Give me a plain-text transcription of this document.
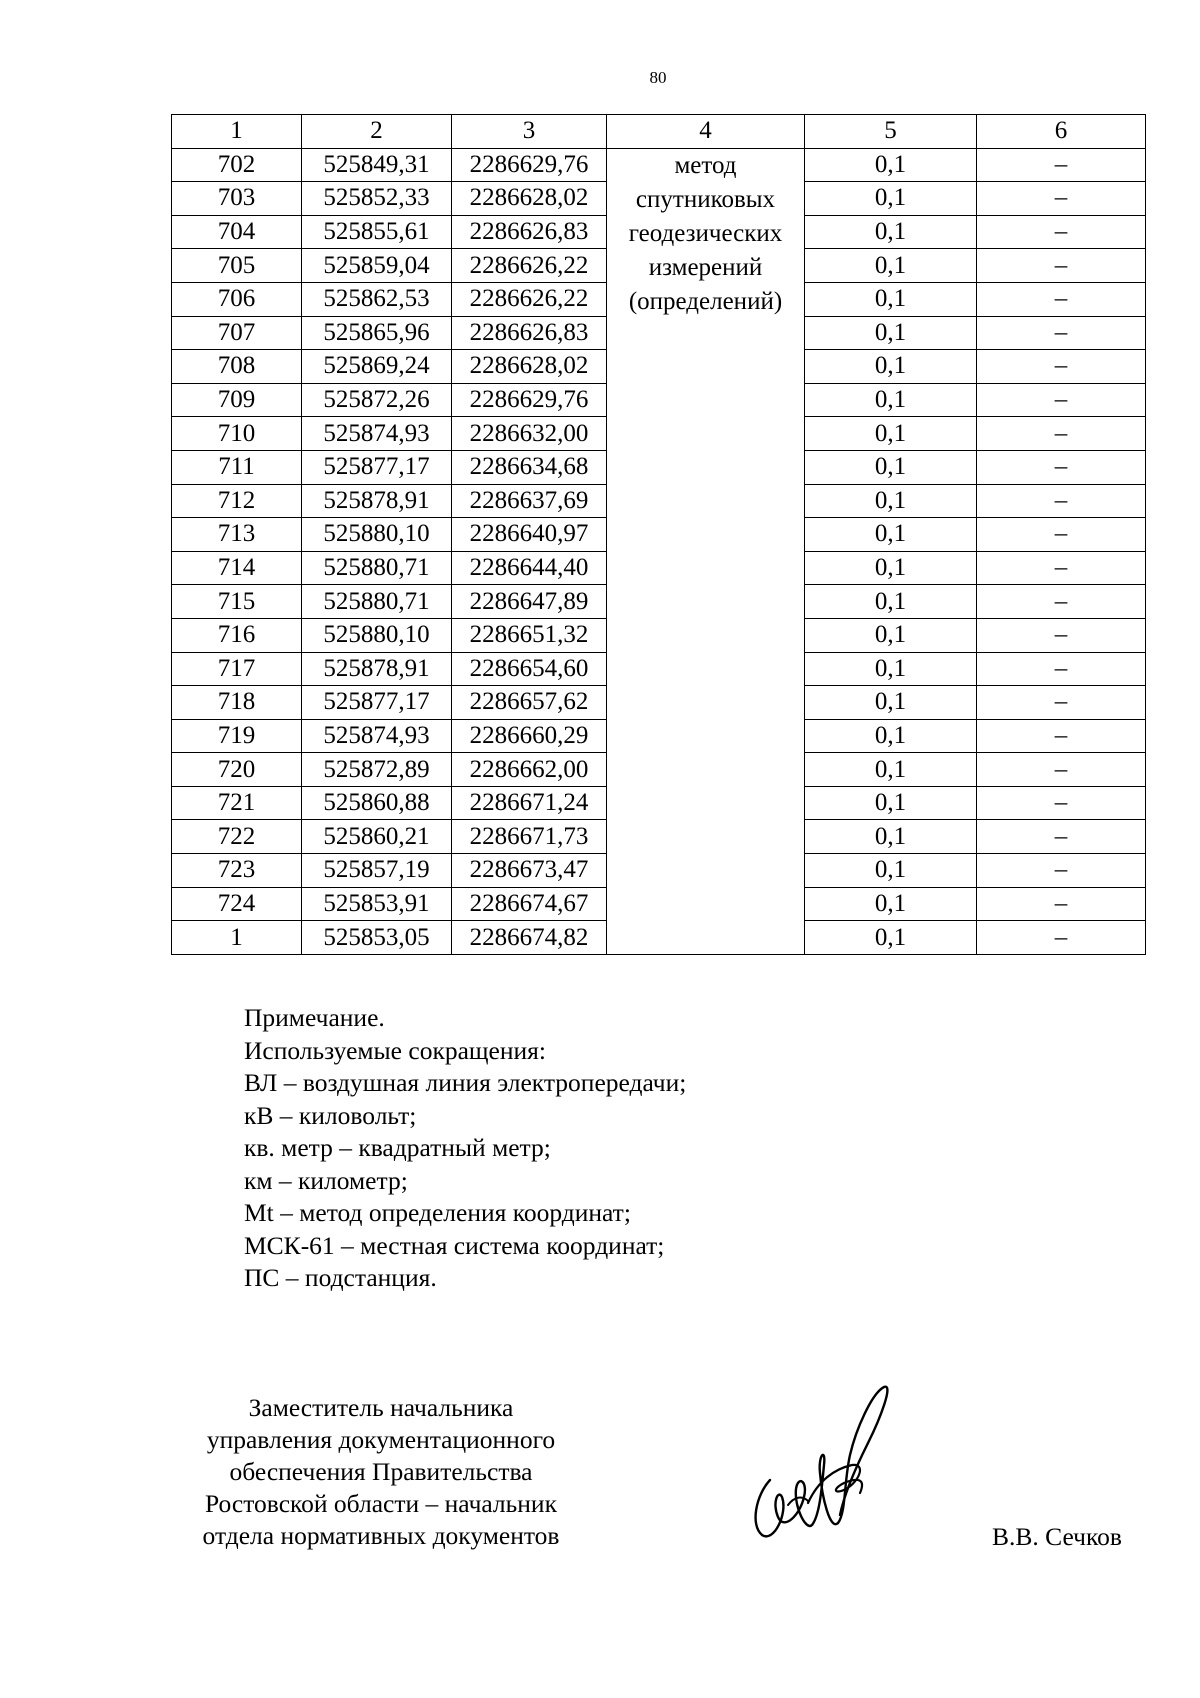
80
1	2	3	4	5	6
702	525849,31	2286629,76	метод
спутниковых
геодезических
измерений
(определений)	0,1	–
703	525852,33	2286628,02		0,1	–
704	525855,61	2286626,83		0,1	–
705	525859,04	2286626,22		0,1	–
706	525862,53	2286626,22		0,1	–
707	525865,96	2286626,83		0,1	–
708	525869,24	2286628,02		0,1	–
709	525872,26	2286629,76		0,1	–
710	525874,93	2286632,00		0,1	–
711	525877,17	2286634,68		0,1	–
712	525878,91	2286637,69		0,1	–
713	525880,10	2286640,97		0,1	–
714	525880,71	2286644,40		0,1	–
715	525880,71	2286647,89		0,1	–
716	525880,10	2286651,32		0,1	–
717	525878,91	2286654,60		0,1	–
718	525877,17	2286657,62		0,1	–
719	525874,93	2286660,29		0,1	–
720	525872,89	2286662,00		0,1	–
721	525860,88	2286671,24		0,1	–
722	525860,21	2286671,73		0,1	–
723	525857,19	2286673,47		0,1	–
724	525853,91	2286674,67		0,1	–
1	525853,05	2286674,82		0,1	–
Примечание.
Используемые сокращения:
ВЛ – воздушная линия электропередачи;
кВ – киловольт;
кв. метр – квадратный метр;
км – километр;
Mt – метод определения координат;
МСК-61 – местная система координат;
ПС – подстанция.
Заместитель начальника
управления документационного
обеспечения Правительства
Ростовской области – начальник
отдела нормативных документов	В.В. Сечков
